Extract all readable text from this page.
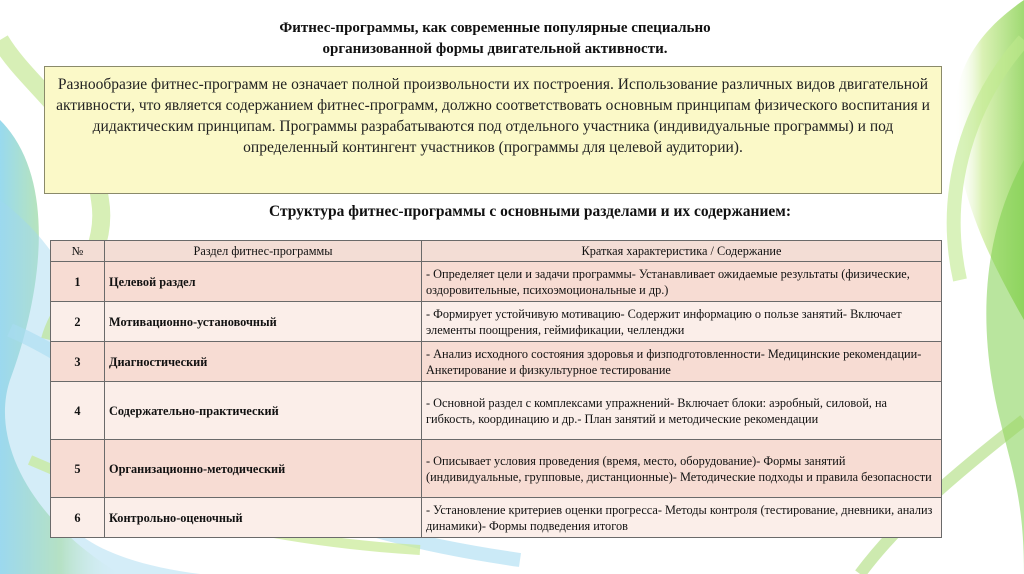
Фитнес-программы, как современные популярные специально
организованной формы двигательной активности.
Разнообразие фитнес-программ не означает полной произвольности их построения. Использование различных видов двигательной активности, что является содержанием фитнес-программ, должно соответствовать основным принципам физического воспитания и дидактическим принципам. Программы разрабатываются под отдельного участника (индивидуальные программы) и под определенный контингент участников (программы для целевой аудитории).
Структура фитнес-программы с основными разделами и их содержанием:
№	Раздел фитнес-программы	Краткая характеристика / Содержание
1	Целевой раздел	- Определяет цели и задачи программы- Устанавливает ожидаемые результаты (физические, оздоровительные, психоэмоциональные и др.)
2	Мотивационно-установочный	- Формирует устойчивую мотивацию- Содержит информацию о пользе занятий- Включает элементы поощрения, геймификации, челленджи
3	Диагностический	- Анализ исходного состояния здоровья и физподготовленности- Медицинские рекомендации- Анкетирование и физкультурное тестирование
4	Содержательно-практический	- Основной раздел с комплексами упражнений- Включает блоки: аэробный, силовой, на гибкость, координацию и др.- План занятий и методические рекомендации
5	Организационно-методический	- Описывает условия проведения (время, место, оборудование)- Формы занятий (индивидуальные, групповые, дистанционные)- Методические подходы и правила безопасности
6	Контрольно-оценочный	- Установление критериев оценки прогресса- Методы контроля (тестирование, дневники, анализ динамики)- Формы подведения итогов
